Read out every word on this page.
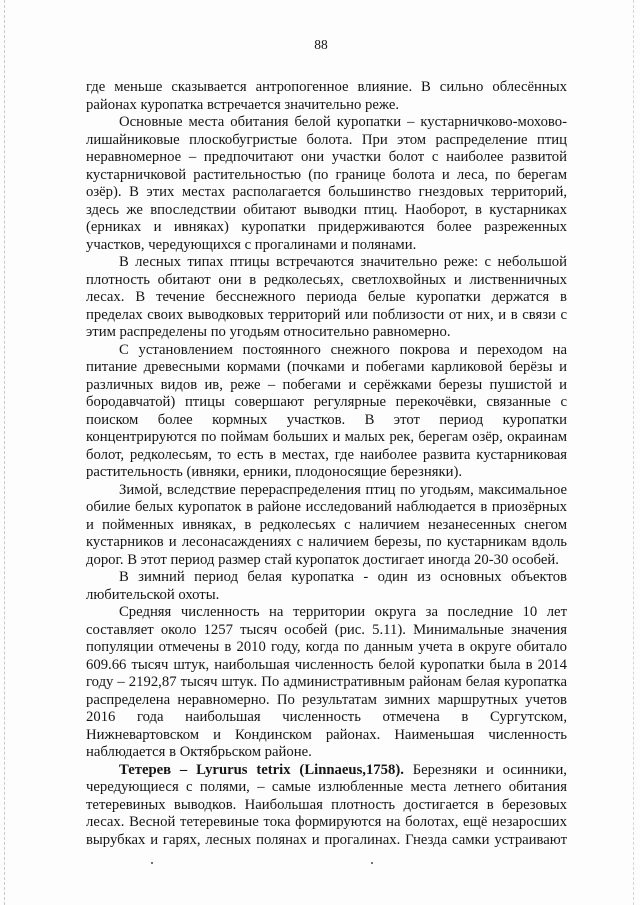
88
где меньше сказывается антропогенное влияние. В сильно облесённых
районах куропатка встречается значительно реже.
Основные места обитания белой куропатки – кустарничково-мохово-
лишайниковые плоскобугристые болота. При этом распределение птиц
неравномерное – предпочитают они участки болот с наиболее развитой
кустарничковой растительностью (по границе болота и леса, по берегам
озёр). В этих местах располагается большинство гнездовых территорий,
здесь же впоследствии обитают выводки птиц. Наоборот, в кустарниках
(ерниках и ивняках) куропатки придерживаются более разреженных
участков, чередующихся с прогалинами и полянами.
В лесных типах птицы встречаются значительно реже: с небольшой
плотность обитают они в редколесьях, светлохвойных и лиственничных
лесах. В течение бесснежного периода белые куропатки держатся в
пределах своих выводковых территорий или поблизости от них, и в связи с
этим распределены по угодьям относительно равномерно.
С установлением постоянного снежного покрова и переходом на
питание древесными кормами (почками и побегами карликовой берёзы и
различных видов ив, реже – побегами и серёжками березы пушистой и
бородавчатой) птицы совершают регулярные перекочёвки, связанные с
поиском более кормных участков. В этот период куропатки
концентрируются по поймам больших и малых рек, берегам озёр, окраинам
болот, редколесьям, то есть в местах, где наиболее развита кустарниковая
растительность (ивняки, ерники, плодоносящие березняки).
Зимой, вследствие перераспределения птиц по угодьям, максимальное
обилие белых куропаток в районе исследований наблюдается в приозёрных
и пойменных ивняках, в редколесьях с наличием незанесенных снегом
кустарников и лесонасаждениях с наличием березы, по кустарникам вдоль
дорог. В этот период размер стай куропаток достигает иногда 20-30 особей.
В зимний период белая куропатка - один из основных объектов
любительской охоты.
Средняя численность на территории округа за последние 10 лет
составляет около 1257 тысяч особей (рис. 5.11). Минимальные значения
популяции отмечены в 2010 году, когда по данным учета в округе обитало
609.66 тысяч штук, наибольшая численность белой куропатки была в 2014
году – 2192,87 тысяч штук. По административным районам белая куропатка
распределена неравномерно. По результатам зимних маршрутных учетов
2016 года наибольшая численность отмечена в Сургутском,
Нижневартовском и Кондинском районах. Наименьшая численность
наблюдается в Октябрьском районе.
Тетерев – Lyrurus tetrix (Linnaeus,1758). Березняки и осинники,
чередующиеся с полями, – самые излюбленные места летнего обитания
тетеревиных выводков. Наибольшая плотность достигается в березовых
лесах. Весной тетеревиные тока формируются на болотах, ещё незаросших
вырубках и гарях, лесных полянах и прогалинах. Гнезда самки устраивают
